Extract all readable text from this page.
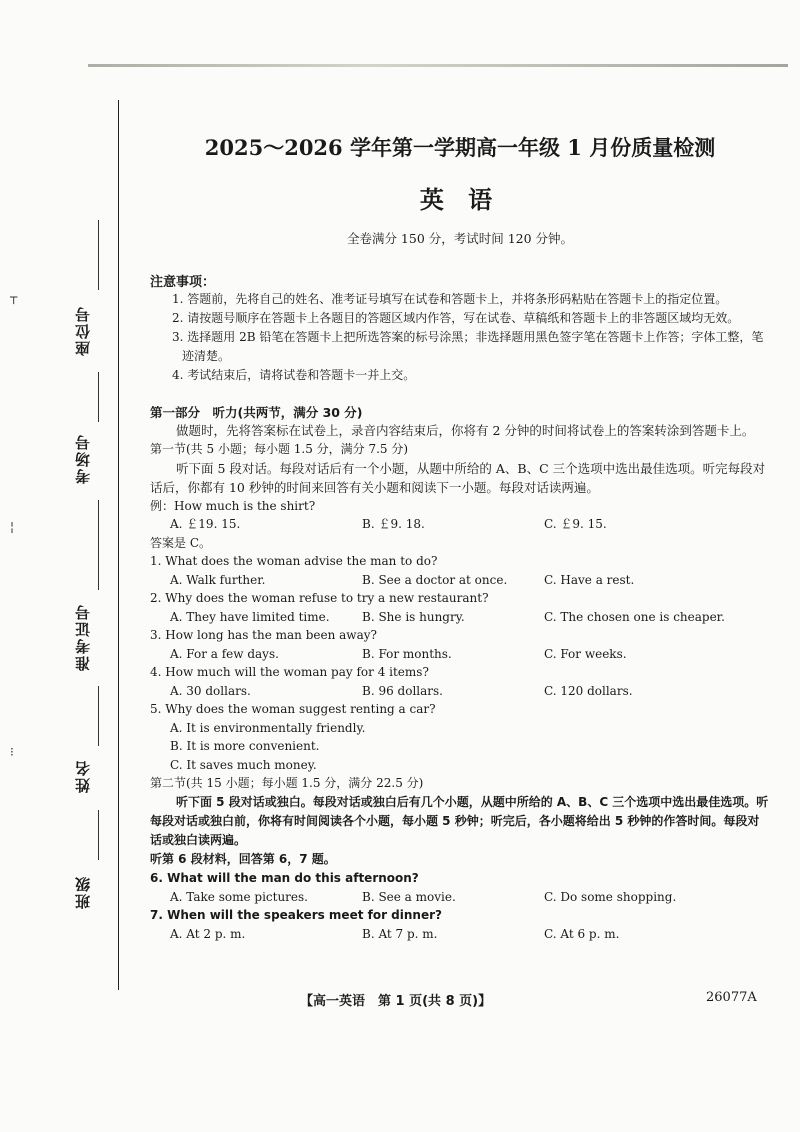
┬
¦
⁝
座位号
考场号
准考证号
姓名
班级
2025～2026 学年第一学期高一年级 1 月份质量检测
英 语
全卷满分 150 分，考试时间 120 分钟。
注意事项：
1. 答题前，先将自己的姓名、准考证号填写在试卷和答题卡上，并将条形码粘贴在答题卡上的指定位置。
2. 请按题号顺序在答题卡上各题目的答题区域内作答，写在试卷、草稿纸和答题卡上的非答题区域均无效。
3. 选择题用 2B 铅笔在答题卡上把所选答案的标号涂黑；非选择题用黑色签字笔在答题卡上作答；字体工整，笔迹清楚。
4. 考试结束后，请将试卷和答题卡一并上交。
第一部分　听力(共两节，满分 30 分)
做题时，先将答案标在试卷上，录音内容结束后，你将有 2 分钟的时间将试卷上的答案转涂到答题卡上。
第一节(共 5 小题；每小题 1.5 分，满分 7.5 分)
听下面 5 段对话。每段对话后有一个小题，从题中所给的 A、B、C 三个选项中选出最佳选项。听完每段对话后，你都有 10 秒钟的时间来回答有关小题和阅读下一小题。每段对话读两遍。
例：How much is the shirt?
A. ￡19. 15.	B. ￡9. 18.	C. ￡9. 15.
答案是 C。
1. What does the woman advise the man to do?
A. Walk further.	B. See a doctor at once.	C. Have a rest.
2. Why does the woman refuse to try a new restaurant?
A. They have limited time.	B. She is hungry.	C. The chosen one is cheaper.
3. How long has the man been away?
A. For a few days.	B. For months.	C. For weeks.
4. How much will the woman pay for 4 items?
A. 30 dollars.	B. 96 dollars.	C. 120 dollars.
5. Why does the woman suggest renting a car?
A. It is environmentally friendly.
B. It is more convenient.
C. It saves much money.
第二节(共 15 小题；每小题 1.5 分，满分 22.5 分)
听下面 5 段对话或独白。每段对话或独白后有几个小题，从题中所给的 A、B、C 三个选项中选出最佳选项。听每段对话或独白前，你将有时间阅读各个小题，每小题 5 秒钟；听完后，各小题将给出 5 秒钟的作答时间。每段对话或独白读两遍。
听第 6 段材料，回答第 6，7 题。
6. What will the man do this afternoon?
A. Take some pictures.	B. See a movie.	C. Do some shopping.
7. When will the speakers meet for dinner?
A. At 2 p. m.	B. At 7 p. m.	C. At 6 p. m.
【高一英语　第 1 页(共 8 页)】	26077A
